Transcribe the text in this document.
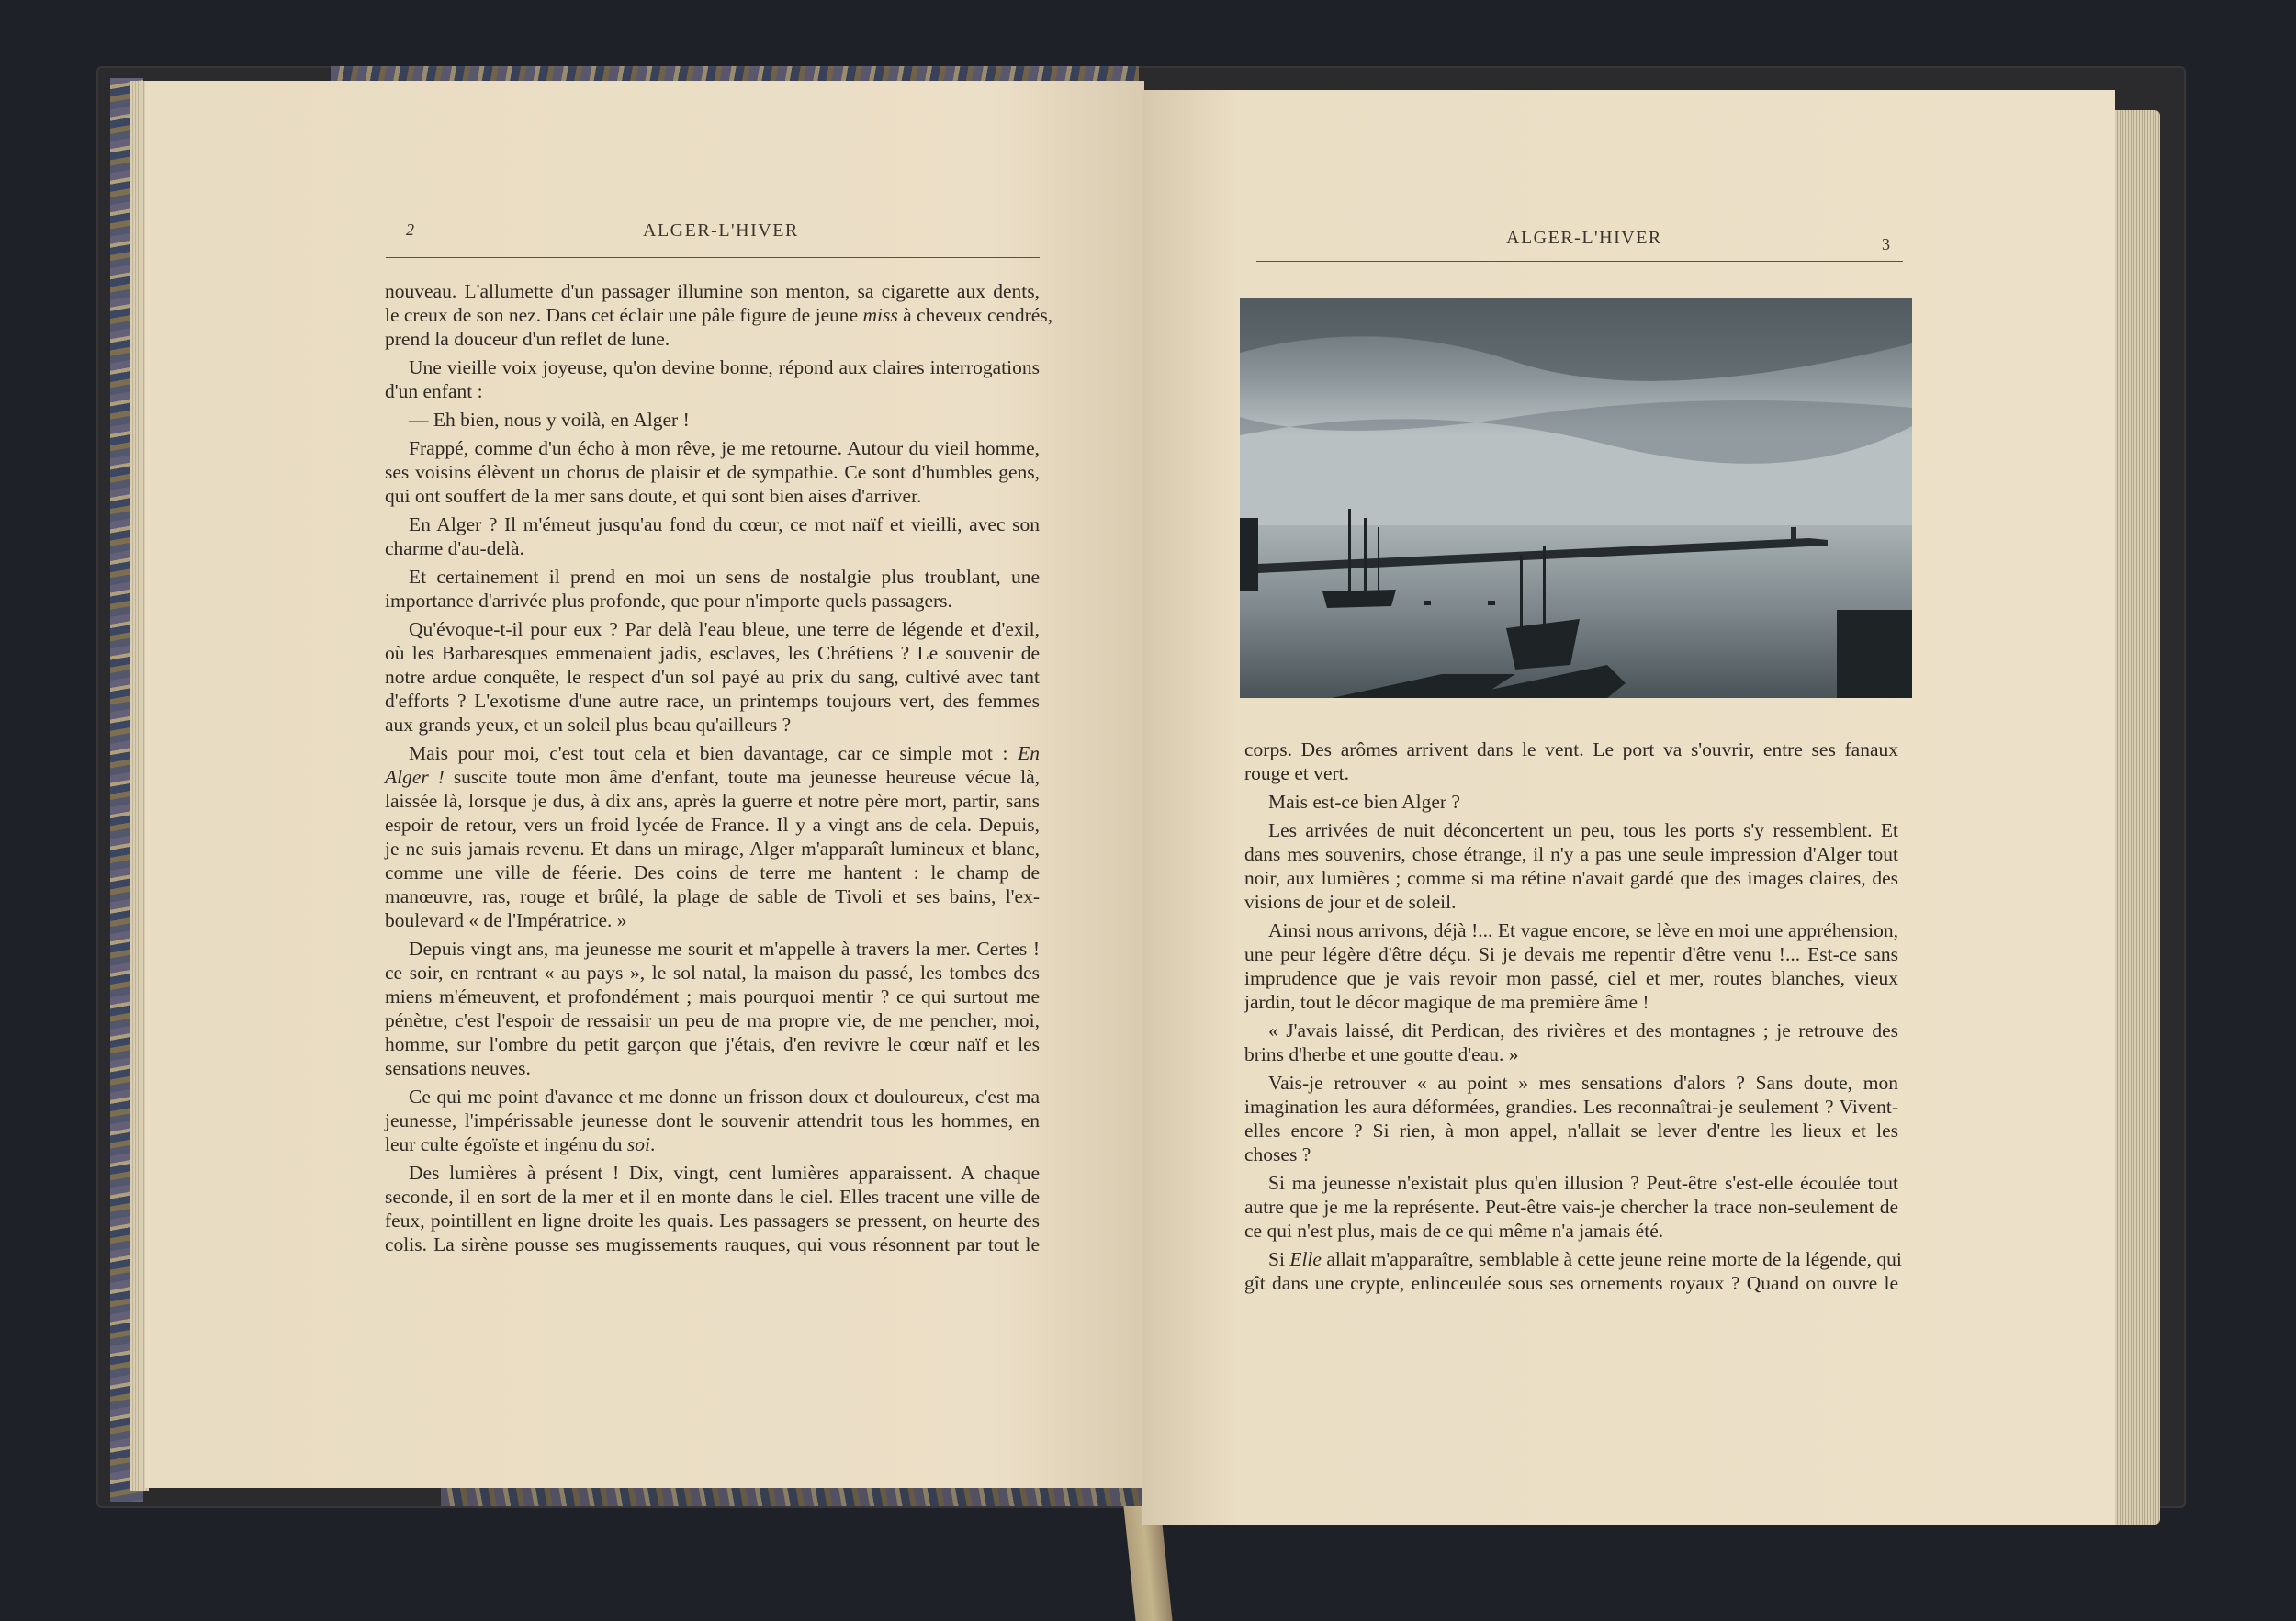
2	ALGER-L'HIVER
nouveau. L'allumette d'un passager illumine son menton, sa cigarette aux dents,
le creux de son nez. Dans cet éclair une pâle figure de jeune miss à cheveux cendrés,
prend la douceur d'un reflet de lune.
Une vieille voix joyeuse, qu'on devine bonne, répond aux claires interrogations
d'un enfant :
— Eh bien, nous y voilà, en Alger !
Frappé, comme d'un écho à mon rêve, je me retourne. Autour du vieil homme,
ses voisins élèvent un chorus de plaisir et de sympathie. Ce sont d'humbles gens,
qui ont souffert de la mer sans doute, et qui sont bien aises d'arriver.
En Alger ? Il m'émeut jusqu'au fond du cœur, ce mot naïf et vieilli, avec son
charme d'au-delà.
Et certainement il prend en moi un sens de nostalgie plus troublant, une
importance d'arrivée plus profonde, que pour n'importe quels passagers.
Qu'évoque-t-il pour eux ? Par delà l'eau bleue, une terre de légende et d'exil,
où les Barbaresques emmenaient jadis, esclaves, les Chrétiens ? Le souvenir de
notre ardue conquête, le respect d'un sol payé au prix du sang, cultivé avec tant
d'efforts ? L'exotisme d'une autre race, un printemps toujours vert, des femmes
aux grands yeux, et un soleil plus beau qu'ailleurs ?
Mais pour moi, c'est tout cela et bien davantage, car ce simple mot : En
Alger ! suscite toute mon âme d'enfant, toute ma jeunesse heureuse vécue là,
laissée là, lorsque je dus, à dix ans, après la guerre et notre père mort, partir, sans
espoir de retour, vers un froid lycée de France. Il y a vingt ans de cela. Depuis,
je ne suis jamais revenu. Et dans un mirage, Alger m'apparaît lumineux et blanc,
comme une ville de féerie. Des coins de terre me hantent : le champ de
manœuvre, ras, rouge et brûlé, la plage de sable de Tivoli et ses bains, l'ex-
boulevard « de l'Impératrice. »
Depuis vingt ans, ma jeunesse me sourit et m'appelle à travers la mer. Certes !
ce soir, en rentrant « au pays », le sol natal, la maison du passé, les tombes des
miens m'émeuvent, et profondément ; mais pourquoi mentir ? ce qui surtout me
pénètre, c'est l'espoir de ressaisir un peu de ma propre vie, de me pencher, moi,
homme, sur l'ombre du petit garçon que j'étais, d'en revivre le cœur naïf et les
sensations neuves.
Ce qui me point d'avance et me donne un frisson doux et douloureux, c'est ma
jeunesse, l'impérissable jeunesse dont le souvenir attendrit tous les hommes, en
leur culte égoïste et ingénu du soi.
Des lumières à présent ! Dix, vingt, cent lumières apparaissent. A chaque
seconde, il en sort de la mer et il en monte dans le ciel. Elles tracent une ville de
feux, pointillent en ligne droite les quais. Les passagers se pressent, on heurte des
colis. La sirène pousse ses mugissements rauques, qui vous résonnent par tout le
ALGER-L'HIVER	3
corps. Des arômes arrivent dans le vent. Le port va s'ouvrir, entre ses fanaux
rouge et vert.
Mais est-ce bien Alger ?
Les arrivées de nuit déconcertent un peu, tous les ports s'y ressemblent. Et
dans mes souvenirs, chose étrange, il n'y a pas une seule impression d'Alger tout
noir, aux lumières ; comme si ma rétine n'avait gardé que des images claires, des
visions de jour et de soleil.
Ainsi nous arrivons, déjà !... Et vague encore, se lève en moi une appréhension,
une peur légère d'être déçu. Si je devais me repentir d'être venu !... Est-ce sans
imprudence que je vais revoir mon passé, ciel et mer, routes blanches, vieux
jardin, tout le décor magique de ma première âme !
« J'avais laissé, dit Perdican, des rivières et des montagnes ; je retrouve des
brins d'herbe et une goutte d'eau. »
Vais-je retrouver « au point » mes sensations d'alors ? Sans doute, mon
imagination les aura déformées, grandies. Les reconnaîtrai-je seulement ? Vivent-
elles encore ? Si rien, à mon appel, n'allait se lever d'entre les lieux et les
choses ?
Si ma jeunesse n'existait plus qu'en illusion ? Peut-être s'est-elle écoulée tout
autre que je me la représente. Peut-être vais-je chercher la trace non-seulement de
ce qui n'est plus, mais de ce qui même n'a jamais été.
Si Elle allait m'apparaître, semblable à cette jeune reine morte de la légende, qui
gît dans une crypte, enlinceulée sous ses ornements royaux ? Quand on ouvre le
